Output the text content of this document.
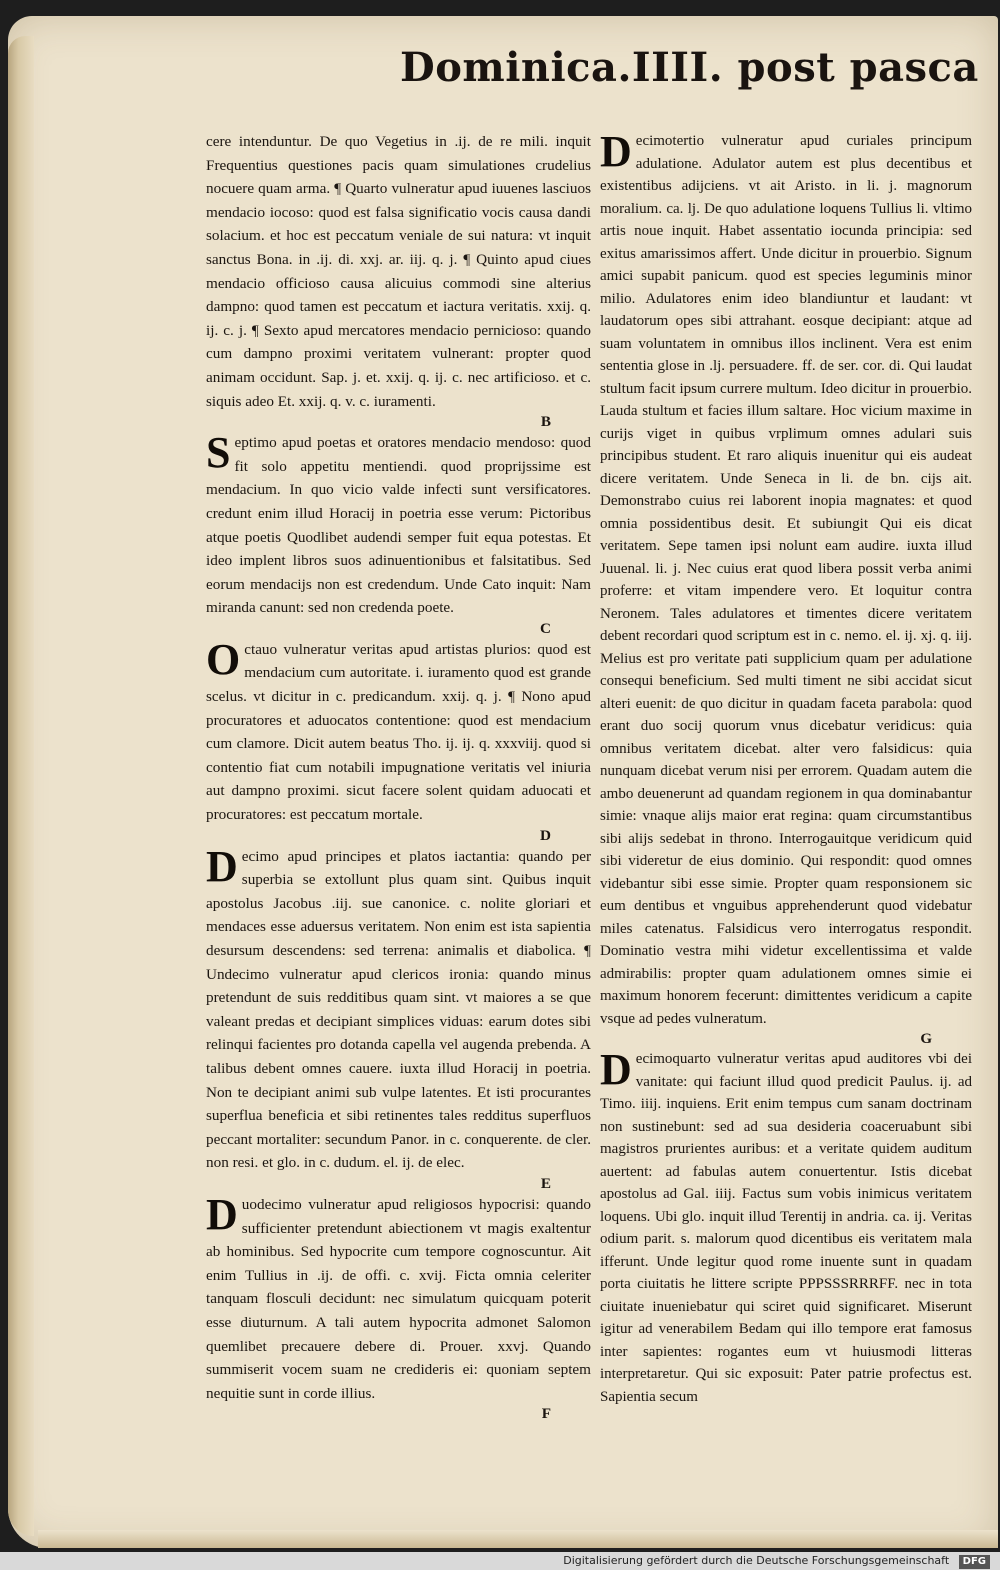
Dominica.IIII. post pasca

cere intenduntur. De quo Vegetius in .ij. de re mili. inquit Frequentius questiones pacis quam simulationes crudelius nocuere quam arma. ¶ Quarto vulneratur apud iuuenes lasciuos mendacio iocoso: quod est falsa significatio vocis causa dandi solacium. et hoc est peccatum veniale de sui natura: vt inquit sanctus Bona. in .ij. di. xxj. ar. iij. q. j. ¶ Quinto apud ciues mendacio officioso causa alicuius commodi sine alterius dampno: quod tamen est peccatum et iactura veritatis. xxij. q. ij. c. j. ¶ Sexto apud mercatores mendacio pernicioso: quando cum dampno proximi veritatem vulnerant: propter quod animam occidunt. Sap. j. et. xxij. q. ij. c. nec artificioso. et c. siquis adeo Et. xxij. q. v. c. iuramenti.

B

Septimo apud poetas et oratores mendacio mendoso: quod fit solo appetitu mentiendi. quod proprijssime est mendacium. In quo vicio valde infecti sunt versificatores. credunt enim illud Horacij in poetria esse verum: Pictoribus atque poetis Quodlibet audendi semper fuit equa potestas. Et ideo implent libros suos adinuentionibus et falsitatibus. Sed eorum mendacijs non est credendum. Unde Cato inquit: Nam miranda canunt: sed non credenda poete.

C

Octauo vulneratur veritas apud artistas plurios: quod est mendacium cum autoritate. i. iuramento quod est grande scelus. vt dicitur in c. predicandum. xxij. q. j. ¶ Nono apud procuratores et aduocatos contentione: quod est mendacium cum clamore. Dicit autem beatus Tho. ij. ij. q. xxxviij. quod si contentio fiat cum notabili impugnatione veritatis vel iniuria aut dampno proximi. sicut facere solent quidam aduocati et procuratores: est peccatum mortale.

D

Decimo apud principes et platos iactantia: quando per superbia se extollunt plus quam sint. Quibus inquit apostolus Jacobus .iij. sue canonice. c. nolite gloriari et mendaces esse aduersus veritatem. Non enim est ista sapientia desursum descendens: sed terrena: animalis et diabolica. ¶ Undecimo vulneratur apud clericos ironia: quando minus pretendunt de suis redditibus quam sint. vt maiores a se que valeant predas et decipiant simplices viduas: earum dotes sibi relinqui facientes pro dotanda capella vel augenda prebenda. A talibus debent omnes cauere. iuxta illud Horacij in poetria. Non te decipiant animi sub vulpe latentes. Et isti procurantes superflua beneficia et sibi retinentes tales redditus superfluos peccant mortaliter: secundum Panor. in c. conquerente. de cler. non resi. et glo. in c. dudum. el. ij. de elec.

E

Duodecimo vulneratur apud religiosos hypocrisi: quando sufficienter pretendunt abiectionem vt magis exaltentur ab hominibus. Sed hypocrite cum tempore cognoscuntur. Ait enim Tullius in .ij. de offi. c. xvij. Ficta omnia celeriter tanquam flosculi decidunt: nec simulatum quicquam poterit esse diuturnum. A tali autem hypocrita admonet Salomon quemlibet precauere debere di. Prouer. xxvj. Quando summiserit vocem suam ne credideris ei: quoniam septem nequitie sunt in corde illius.

F

Decimotertio vulneratur apud curiales principum adulatione. Adulator autem est plus decentibus et existentibus adijciens. vt ait Aristo. in li. j. magnorum moralium. ca. lj. De quo adulatione loquens Tullius li. vltimo artis noue inquit. Habet assentatio iocunda principia: sed exitus amarissimos affert. Unde dicitur in prouerbio. Signum amici supabit panicum. quod est species leguminis minor milio. Adulatores enim ideo blandiuntur et laudant: vt laudatorum opes sibi attrahant. eosque decipiant: atque ad suam voluntatem in omnibus illos inclinent. Vera est enim sententia glose in .lj. persuadere. ff. de ser. cor. di. Qui laudat stultum facit ipsum currere multum. Ideo dicitur in prouerbio. Lauda stultum et facies illum saltare. Hoc vicium maxime in curijs viget in quibus vrplimum omnes adulari suis principibus student. Et raro aliquis inuenitur qui eis audeat dicere veritatem. Unde Seneca in li. de bn. cijs ait. Demonstrabo cuius rei laborent inopia magnates: et quod omnia possidentibus desit. Et subiungit Qui eis dicat veritatem. Sepe tamen ipsi nolunt eam audire. iuxta illud Juuenal. li. j. Nec cuius erat quod libera possit verba animi proferre: et vitam impendere vero. Et loquitur contra Neronem. Tales adulatores et timentes dicere veritatem debent recordari quod scriptum est in c. nemo. el. ij. xj. q. iij. Melius est pro veritate pati supplicium quam per adulatione consequi beneficium. Sed multi timent ne sibi accidat sicut alteri euenit: de quo dicitur in quadam faceta parabola: quod erant duo socij quorum vnus dicebatur veridicus: quia omnibus veritatem dicebat. alter vero falsidicus: quia nunquam dicebat verum nisi per errorem. Quadam autem die ambo deuenerunt ad quandam regionem in qua dominabantur simie: vnaque alijs maior erat regina: quam circumstantibus sibi alijs sedebat in throno. Interrogauitque veridicum quid sibi videretur de eius dominio. Qui respondit: quod omnes videbantur sibi esse simie. Propter quam responsionem sic eum dentibus et vnguibus apprehenderunt quod videbatur miles catenatus. Falsidicus vero interrogatus respondit. Dominatio vestra mihi videtur excellentissima et valde admirabilis: propter quam adulationem omnes simie ei maximum honorem fecerunt: dimittentes veridicum a capite vsque ad pedes vulneratum.

G

Decimoquarto vulneratur veritas apud auditores vbi dei vanitate: qui faciunt illud quod predicit Paulus. ij. ad Timo. iiij. inquiens. Erit enim tempus cum sanam doctrinam non sustinebunt: sed ad sua desideria coaceruabunt sibi magistros prurientes auribus: et a veritate quidem auditum auertent: ad fabulas autem conuertentur. Istis dicebat apostolus ad Gal. iiij. Factus sum vobis inimicus veritatem loquens. Ubi glo. inquit illud Terentij in andria. ca. ij. Veritas odium parit. s. malorum quod dicentibus eis veritatem mala ifferunt. Unde legitur quod rome inuente sunt in quadam porta ciuitatis he littere scripte PPPSSSRRRFF. nec in tota ciuitate inueniebatur qui sciret quid significaret. Miserunt igitur ad venerabilem Bedam qui illo tempore erat famosus inter sapientes: rogantes eum vt huiusmodi litteras interpretaretur. Qui sic exposuit: Pater patrie profectus est. Sapientia secum

Digitalisierung gefördert durch die Deutsche Forschungsgemeinschaft DFG
